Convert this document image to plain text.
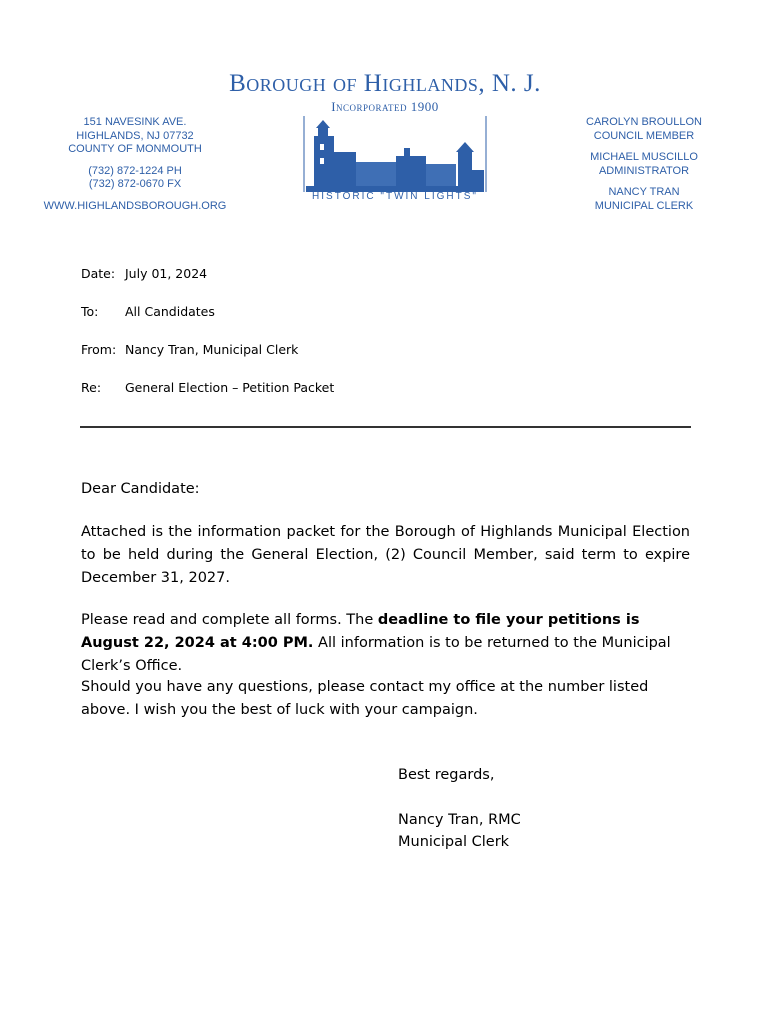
Borough of Highlands, N. J.
Incorporated 1900
151 NAVESINK AVE.
HIGHLANDS, NJ 07732
COUNTY OF MONMOUTH
(732) 872-1224 PH
(732) 872-0670 FX
WWW.HIGHLANDSBOROUGH.ORG
HISTORIC "TWIN LIGHTS"
CAROLYN BROULLON
COUNCIL MEMBER
MICHAEL MUSCILLO
ADMINISTRATOR
NANCY TRAN
MUNICIPAL CLERK
Date: July 01, 2024
To: All Candidates
From: Nancy Tran, Municipal Clerk
Re: General Election – Petition Packet
Dear Candidate:
Attached is the information packet for the Borough of Highlands Municipal Election to be held during the General Election, (2) Council Member, said term to expire December 31, 2027.
Please read and complete all forms. The deadline to file your petitions is August 22, 2024 at 4:00 PM. All information is to be returned to the Municipal Clerk’s Office.
Should you have any questions, please contact my office at the number listed above. I wish you the best of luck with your campaign.
Best regards,
Nancy Tran, RMC
Municipal Clerk
